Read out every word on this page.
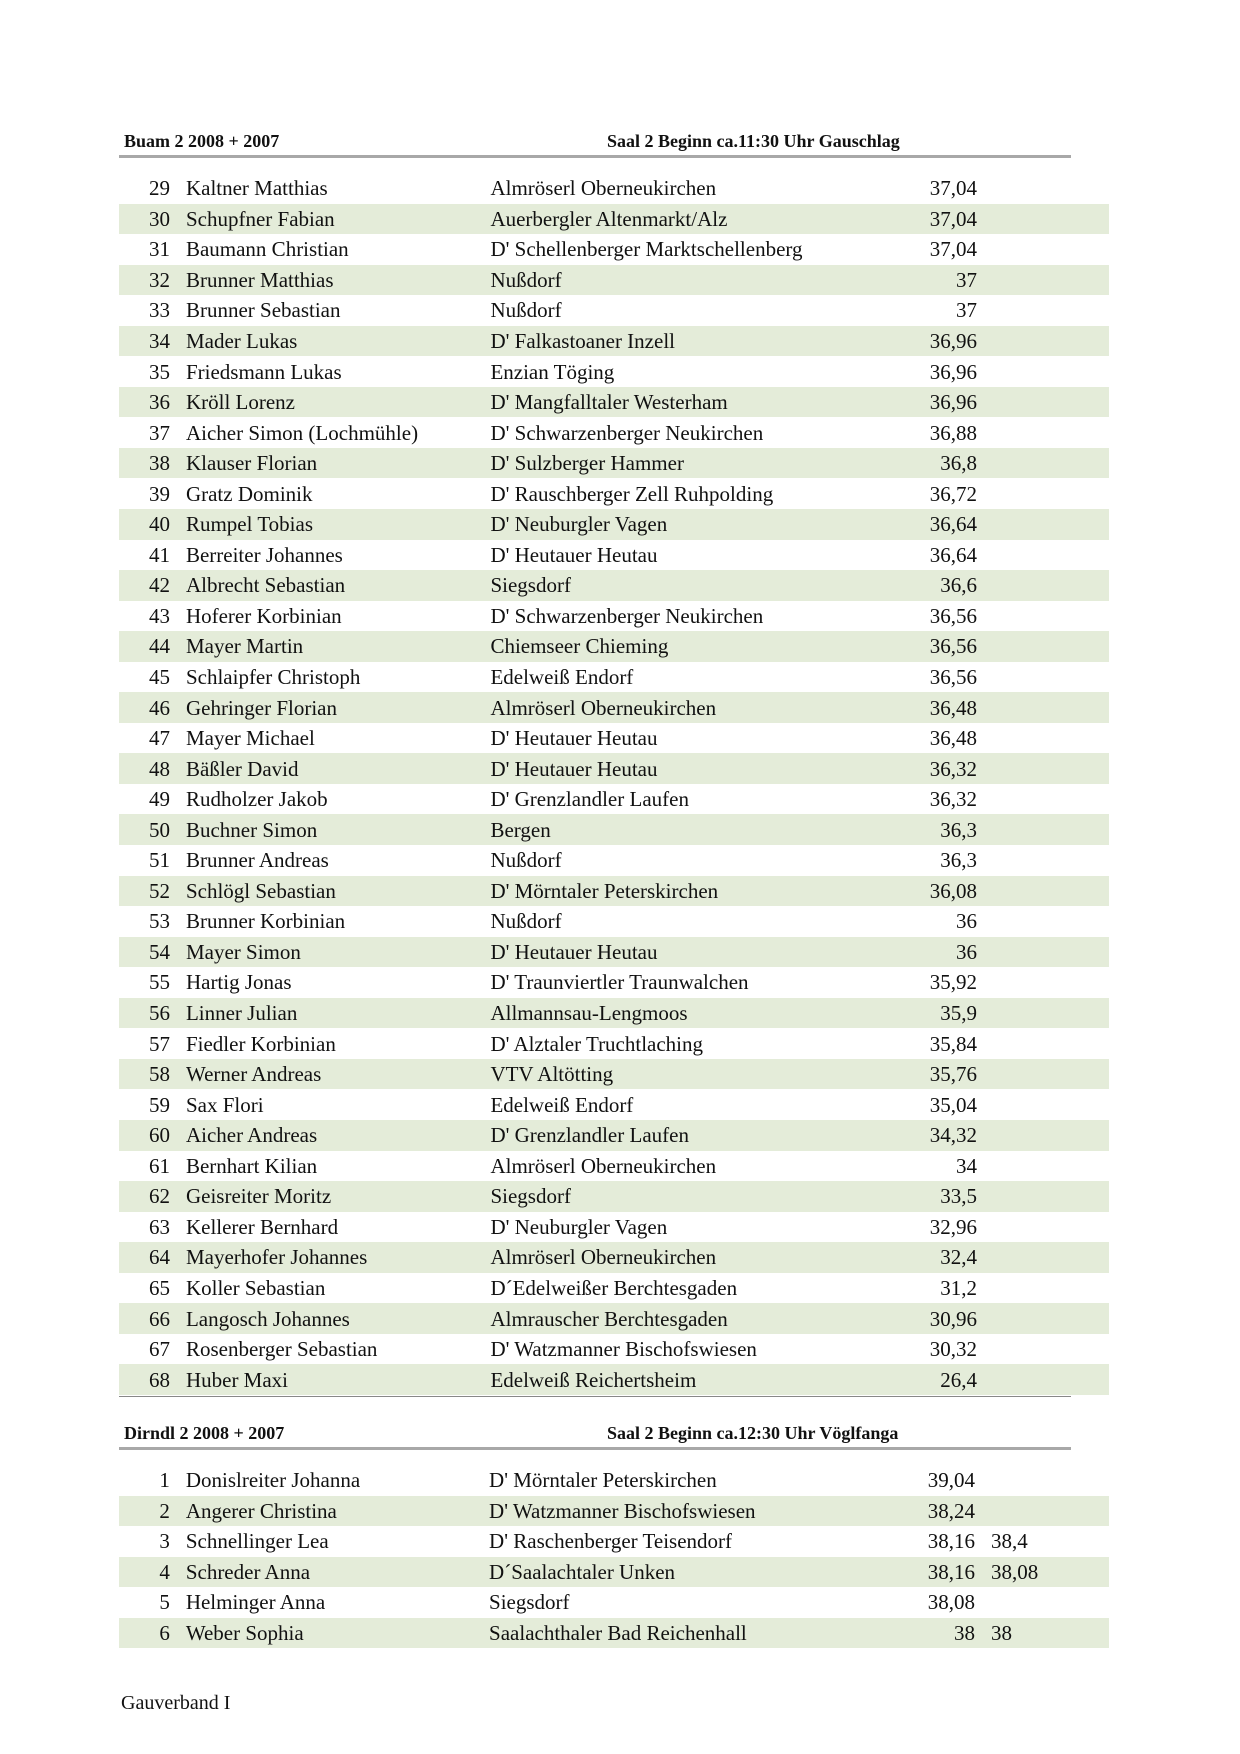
Buam 2 2008 + 2007	Saal 2 Beginn ca.11:30 Uhr Gauschlag
29	Kaltner Matthias	Almröserl Oberneukirchen	37,04	
30	Schupfner Fabian	Auerbergler Altenmarkt/Alz	37,04	
31	Baumann Christian	D' Schellenberger Marktschellenberg	37,04	
32	Brunner Matthias	Nußdorf	37	
33	Brunner Sebastian	Nußdorf	37	
34	Mader Lukas	D' Falkastoaner Inzell	36,96	
35	Friedsmann Lukas	Enzian Töging	36,96	
36	Kröll Lorenz	D' Mangfalltaler Westerham	36,96	
37	Aicher Simon (Lochmühle)	D' Schwarzenberger Neukirchen	36,88	
38	Klauser Florian	D' Sulzberger Hammer	36,8	
39	Gratz Dominik	D' Rauschberger Zell Ruhpolding	36,72	
40	Rumpel Tobias	D' Neuburgler Vagen	36,64	
41	Berreiter Johannes	D' Heutauer Heutau	36,64	
42	Albrecht Sebastian	Siegsdorf	36,6	
43	Hoferer Korbinian	D' Schwarzenberger Neukirchen	36,56	
44	Mayer Martin	Chiemseer Chieming	36,56	
45	Schlaipfer Christoph	Edelweiß Endorf	36,56	
46	Gehringer Florian	Almröserl Oberneukirchen	36,48	
47	Mayer Michael	D' Heutauer Heutau	36,48	
48	Bäßler David	D' Heutauer Heutau	36,32	
49	Rudholzer Jakob	D' Grenzlandler Laufen	36,32	
50	Buchner Simon	Bergen	36,3	
51	Brunner Andreas	Nußdorf	36,3	
52	Schlögl Sebastian	D' Mörntaler Peterskirchen	36,08	
53	Brunner Korbinian	Nußdorf	36	
54	Mayer Simon	D' Heutauer Heutau	36	
55	Hartig Jonas	D' Traunviertler Traunwalchen	35,92	
56	Linner Julian	Allmannsau-Lengmoos	35,9	
57	Fiedler Korbinian	D' Alztaler Truchtlaching	35,84	
58	Werner Andreas	VTV Altötting	35,76	
59	Sax Flori	Edelweiß Endorf	35,04	
60	Aicher Andreas	D' Grenzlandler Laufen	34,32	
61	Bernhart Kilian	Almröserl Oberneukirchen	34	
62	Geisreiter Moritz	Siegsdorf	33,5	
63	Kellerer Bernhard	D' Neuburgler Vagen	32,96	
64	Mayerhofer Johannes	Almröserl Oberneukirchen	32,4	
65	Koller Sebastian	D´Edelweißer Berchtesgaden	31,2	
66	Langosch Johannes	Almrauscher Berchtesgaden	30,96	
67	Rosenberger Sebastian	D' Watzmanner Bischofswiesen	30,32	
68	Huber Maxi	Edelweiß Reichertsheim	26,4	
Dirndl 2 2008 + 2007	Saal 2 Beginn ca.12:30 Uhr Vöglfanga
1	Donislreiter Johanna	D' Mörntaler Peterskirchen	39,04	
2	Angerer Christina	D' Watzmanner Bischofswiesen	38,24	
3	Schnellinger Lea	D' Raschenberger Teisendorf	38,16	38,4
4	Schreder Anna	D´Saalachtaler Unken	38,16	38,08
5	Helminger Anna	Siegsdorf	38,08	
6	Weber Sophia	Saalachthaler Bad Reichenhall	38	38
Gauverband I
